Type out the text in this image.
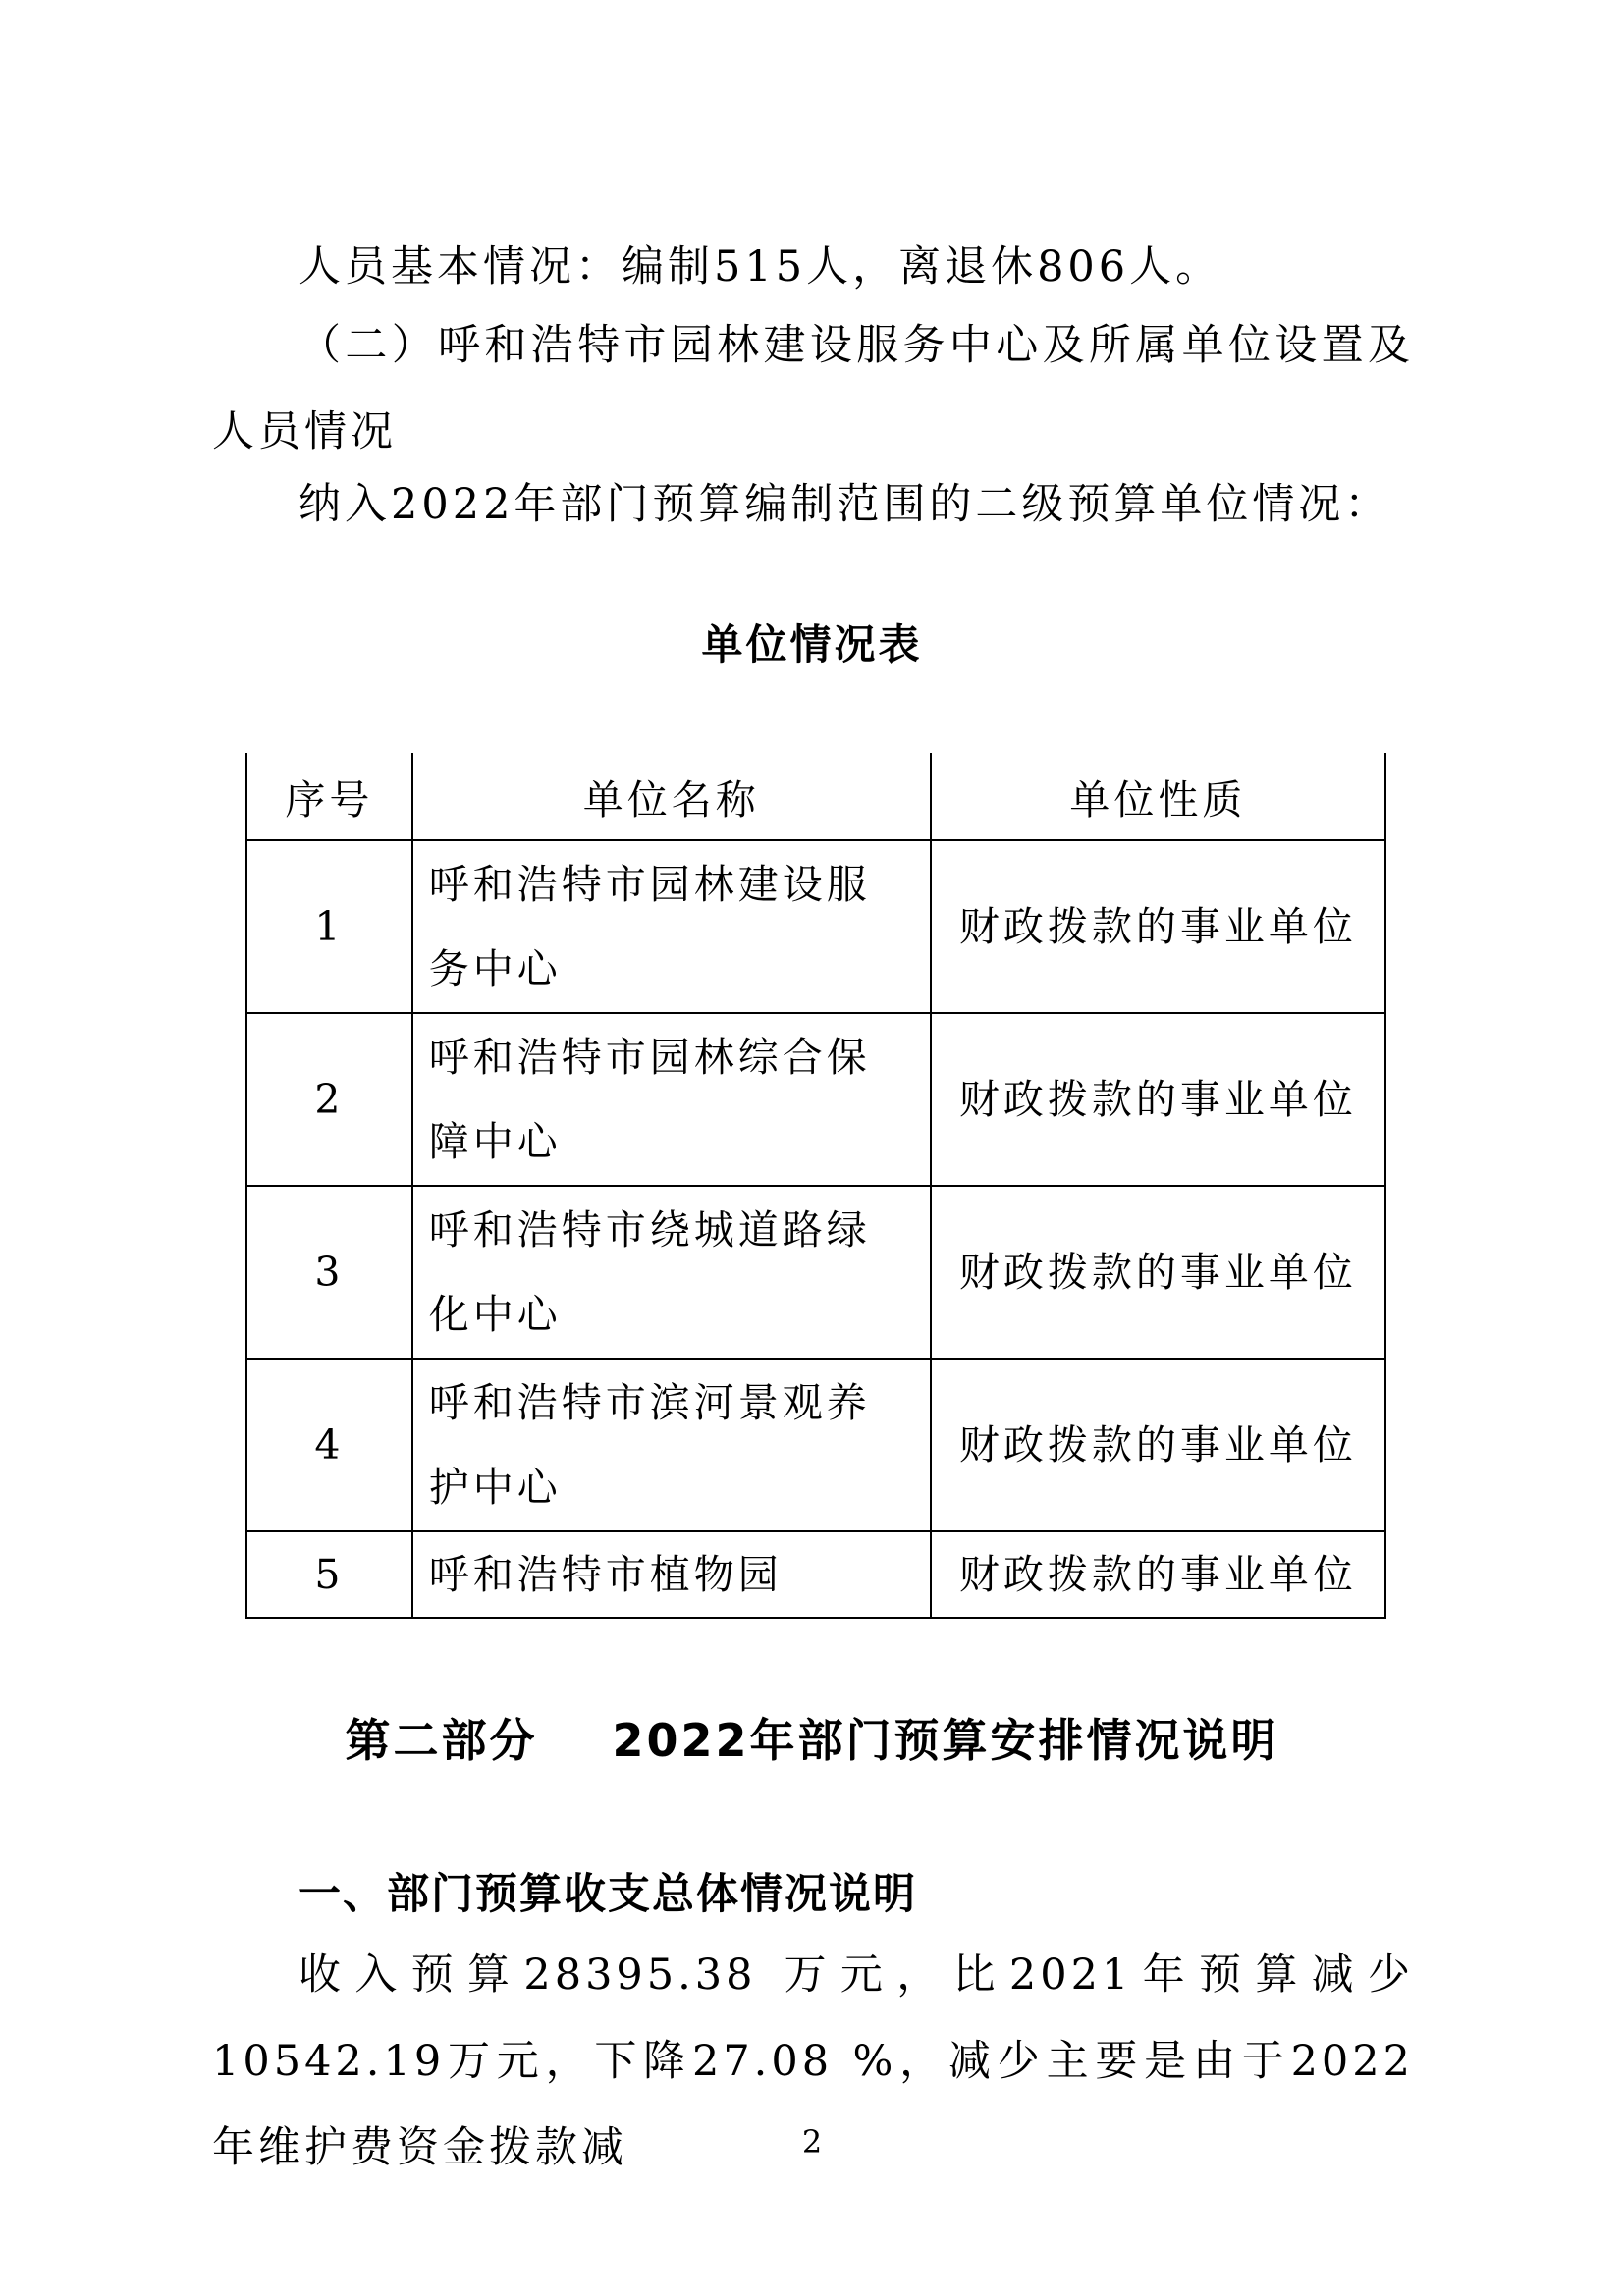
人员基本情况：编制515人，离退休806人。

（二）呼和浩特市园林建设服务中心及所属单位设置及人员情况

纳入2022年部门预算编制范围的二级预算单位情况：

单位情况表
序号	单位名称	单位性质
1	呼和浩特市园林建设服务中心	财政拨款的事业单位
2	呼和浩特市园林综合保障中心	财政拨款的事业单位
3	呼和浩特市绕城道路绿化中心	财政拨款的事业单位
4	呼和浩特市滨河景观养护中心	财政拨款的事业单位
5	呼和浩特市植物园	财政拨款的事业单位
第二部分    2022年部门预算安排情况说明
一、部门预算收支总体情况说明

收入预算28395.38 万元，比2021年预算减少10542.19万元，下降27.08 %，减少主要是由于2022年维护费资金拨款减	2
